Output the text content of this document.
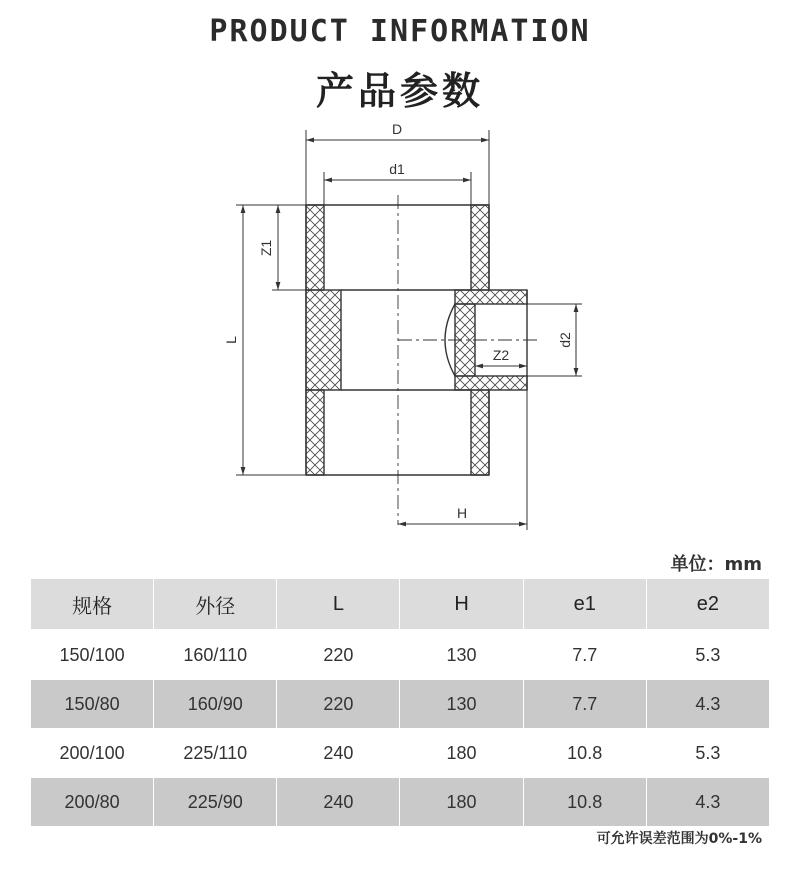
PRODUCT INFORMATION
产品参数
D
d1
L
Z1
d2
Z2
H
单位：mm
规格	外径	L	H	e1	e2
150/100	160/110	220	130	7.7	5.3
150/80	160/90	220	130	7.7	4.3
200/100	225/110	240	180	10.8	5.3
200/80	225/90	240	180	10.8	4.3
可允许误差范围为0%-1%
